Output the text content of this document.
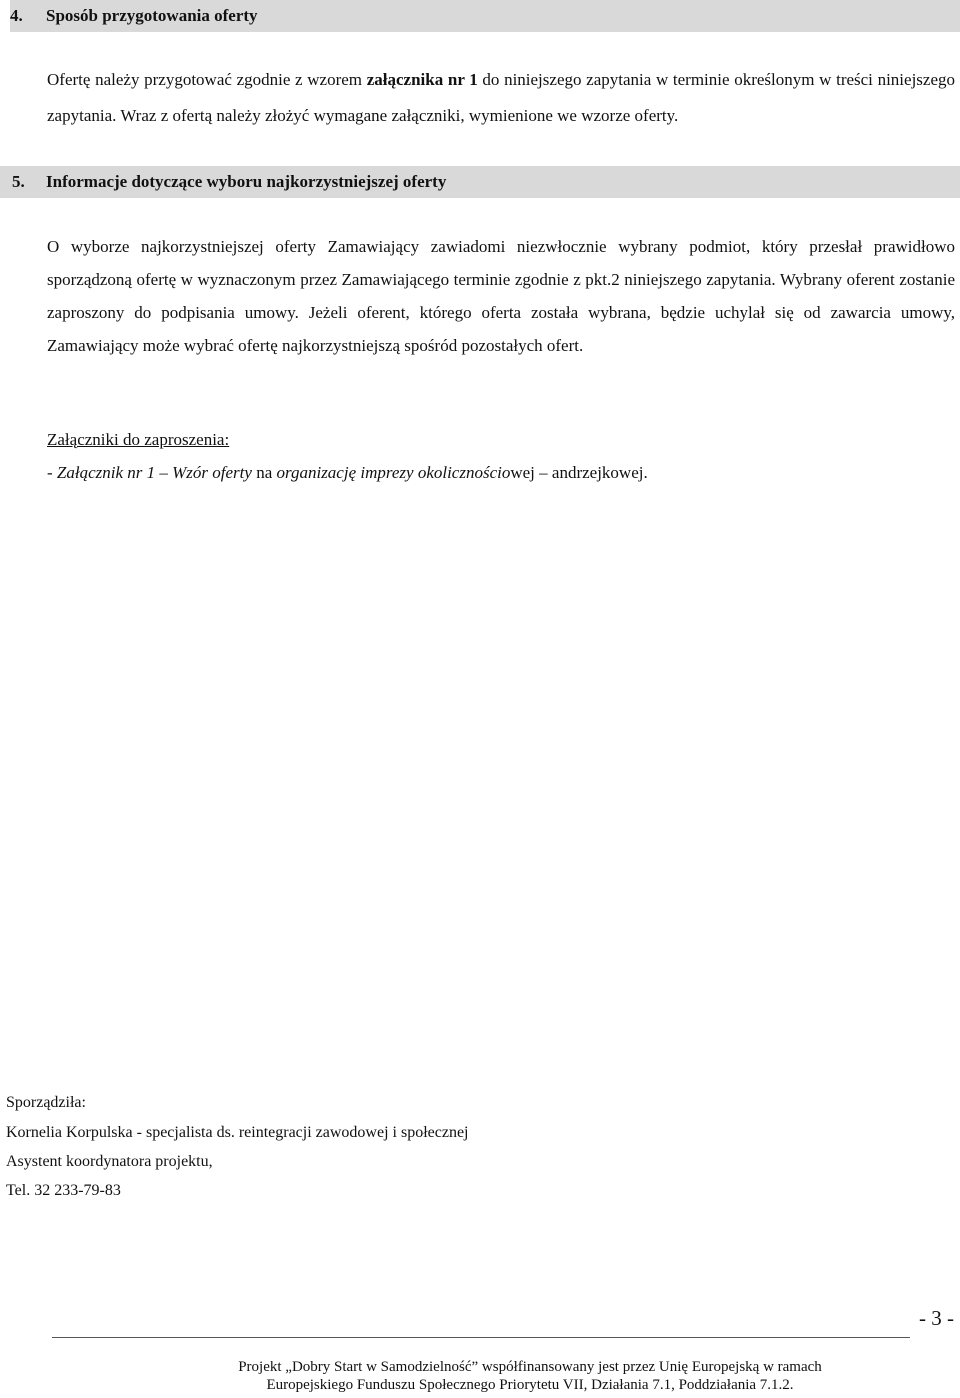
4. Sposób przygotowania oferty
Ofertę należy przygotować zgodnie z wzorem załącznika nr 1 do niniejszego zapytania w terminie określonym w treści niniejszego zapytania. Wraz z ofertą należy złożyć wymagane załączniki, wymienione we wzorze oferty.
5. Informacje dotyczące wyboru najkorzystniejszej oferty
O wyborze najkorzystniejszej oferty Zamawiający zawiadomi niezwłocznie wybrany podmiot, który przesłał prawidłowo sporządzoną ofertę w wyznaczonym przez Zamawiającego terminie zgodnie z pkt.2 niniejszego zapytania. Wybrany oferent zostanie zaproszony do podpisania umowy. Jeżeli oferent, którego oferta została wybrana, będzie uchylał się od zawarcia umowy, Zamawiający może wybrać ofertę najkorzystniejszą spośród pozostałych ofert.
Załączniki do zaproszenia:
- Załącznik nr 1 – Wzór oferty na organizację imprezy okolicznościowej – andrzejkowej.
Sporządziła:
Kornelia Korpulska - specjalista ds. reintegracji zawodowej i społecznej
Asystent koordynatora projektu,
Tel. 32 233-79-83
- 3 -
Projekt „Dobry Start w Samodzielność” współfinansowany jest przez Unię Europejską w ramach
Europejskiego Funduszu Społecznego Priorytetu VII, Działania 7.1, Poddziałania 7.1.2.
